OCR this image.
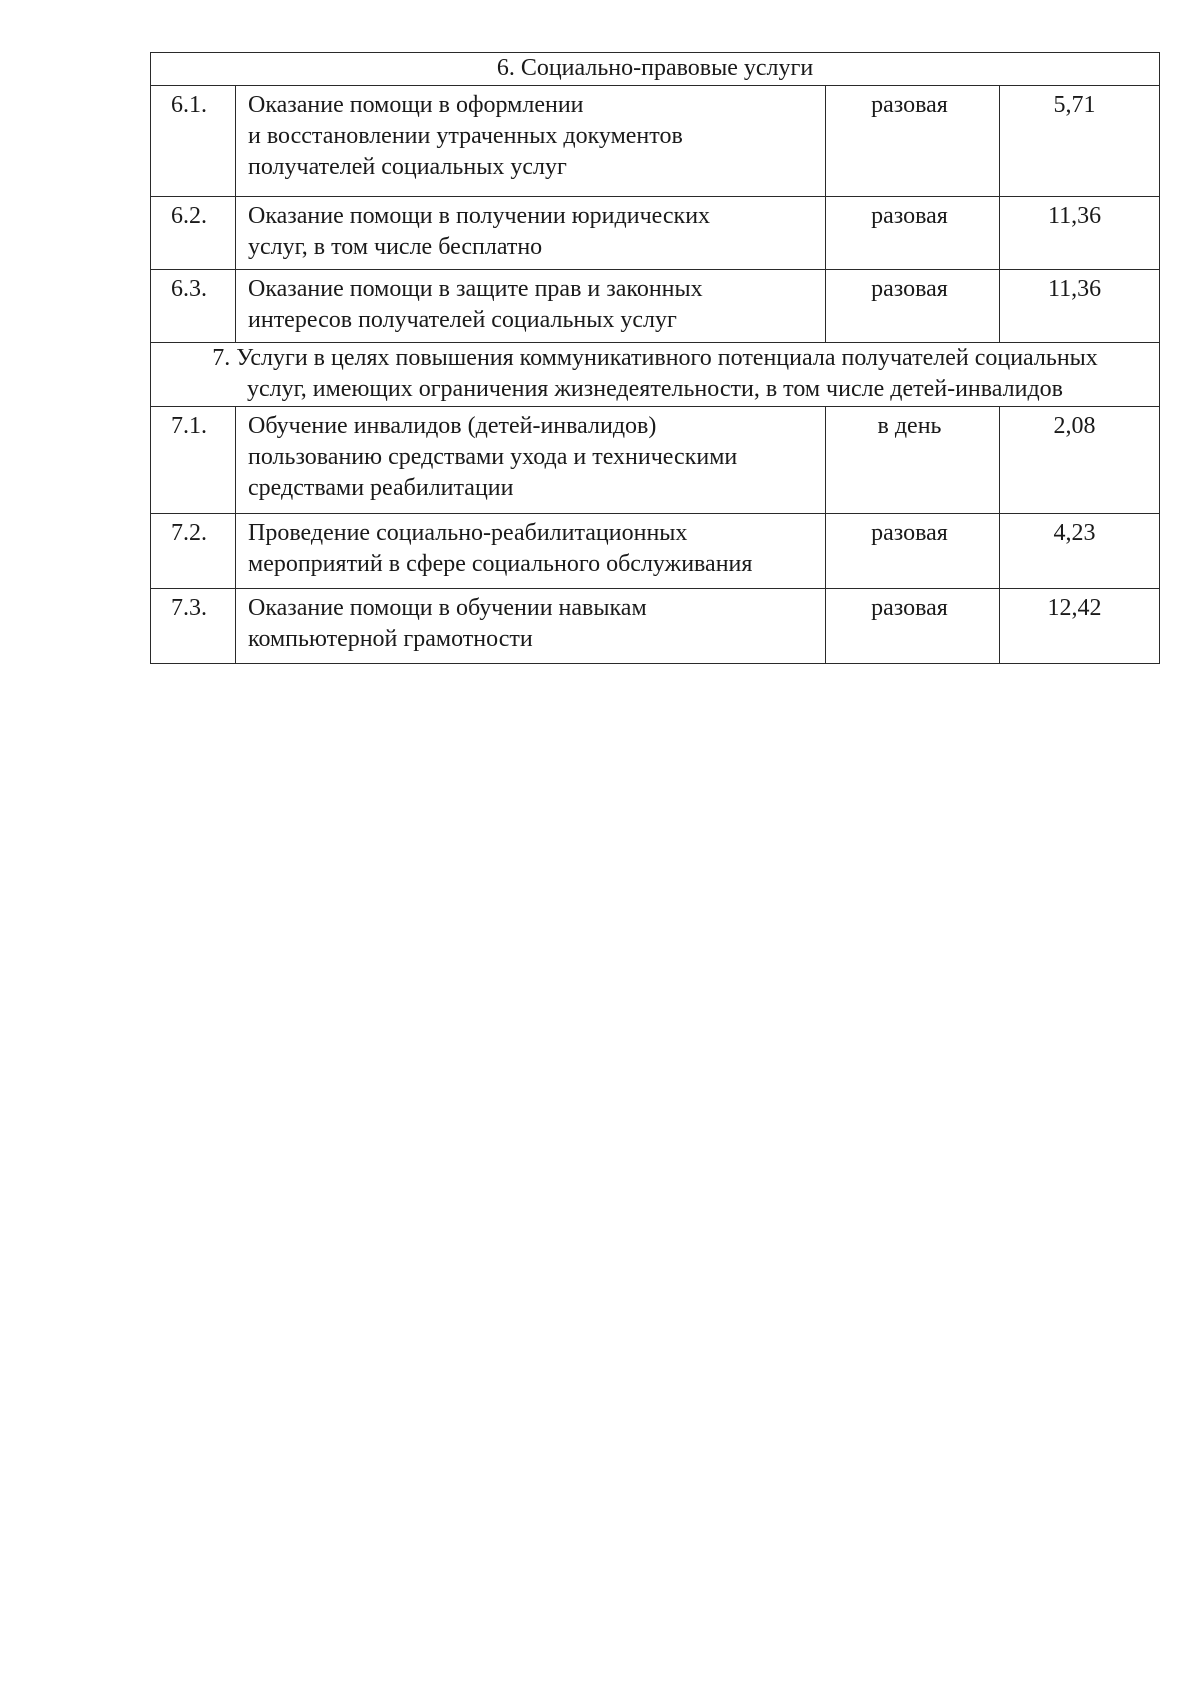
6. Социально-правовые услуги			
6.1.	Оказание помощи в оформлении
и восстановлении утраченных документов
получателей социальных услуг	разовая	5,71
6.2.	Оказание помощи в получении юридических
услуг, в том числе бесплатно	разовая	11,36
6.3.	Оказание помощи в защите прав и законных
интересов получателей социальных услуг	разовая	11,36

7. Услуги в целях повышения коммуникативного потенциала получателей социальных
услуг, имеющих ограничения жизнедеятельности, в том числе детей-инвалидов			

7.1.	Обучение инвалидов (детей-инвалидов)
пользованию средствами ухода и техническими
средствами реабилитации	в день	2,08
7.2.	Проведение социально-реабилитационных
мероприятий в сфере социального обслуживания	разовая	4,23
7.3.	Оказание помощи в обучении навыкам
компьютерной грамотности	разовая	12,42
